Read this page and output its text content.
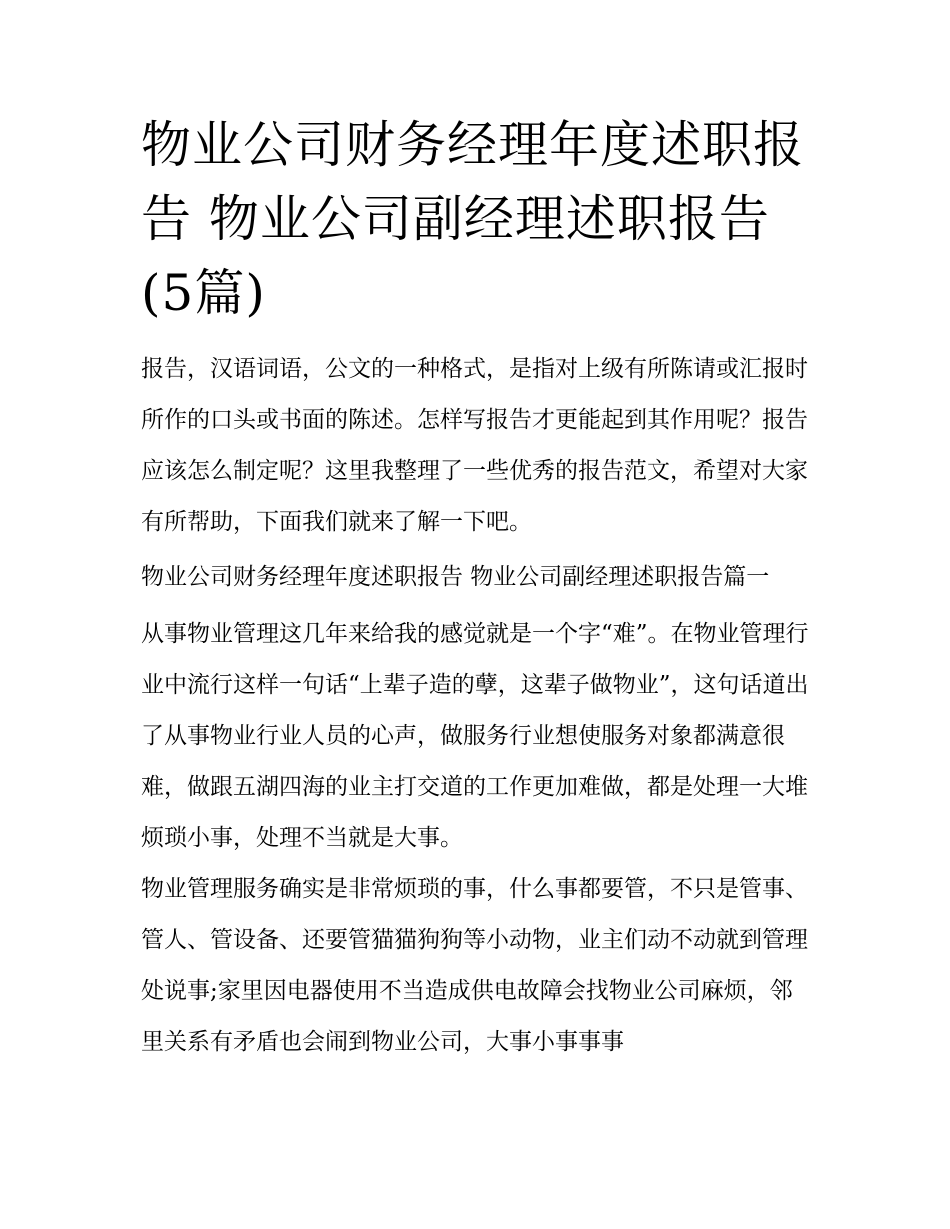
物业公司财务经理年度述职报告 物业公司副经理述职报告(5篇)

报告，汉语词语，公文的一种格式，是指对上级有所陈请或汇报时所作的口头或书面的陈述。怎样写报告才更能起到其作用呢？报告应该怎么制定呢？这里我整理了一些优秀的报告范文，希望对大家有所帮助，下面我们就来了解一下吧。

物业公司财务经理年度述职报告 物业公司副经理述职报告篇一

从事物业管理这几年来给我的感觉就是一个字“难”。在物业管理行业中流行这样一句话“上辈子造的孽，这辈子做物业”，这句话道出了从事物业行业人员的心声，做服务行业想使服务对象都满意很难，做跟五湖四海的业主打交道的工作更加难做，都是处理一大堆烦琐小事，处理不当就是大事。

物业管理服务确实是非常烦琐的事，什么事都要管，不只是管事、管人、管设备、还要管猫猫狗狗等小动物，业主们动不动就到管理处说事;家里因电器使用不当造成供电故障会找物业公司麻烦，邻里关系有矛盾也会闹到物业公司，大事小事事事
